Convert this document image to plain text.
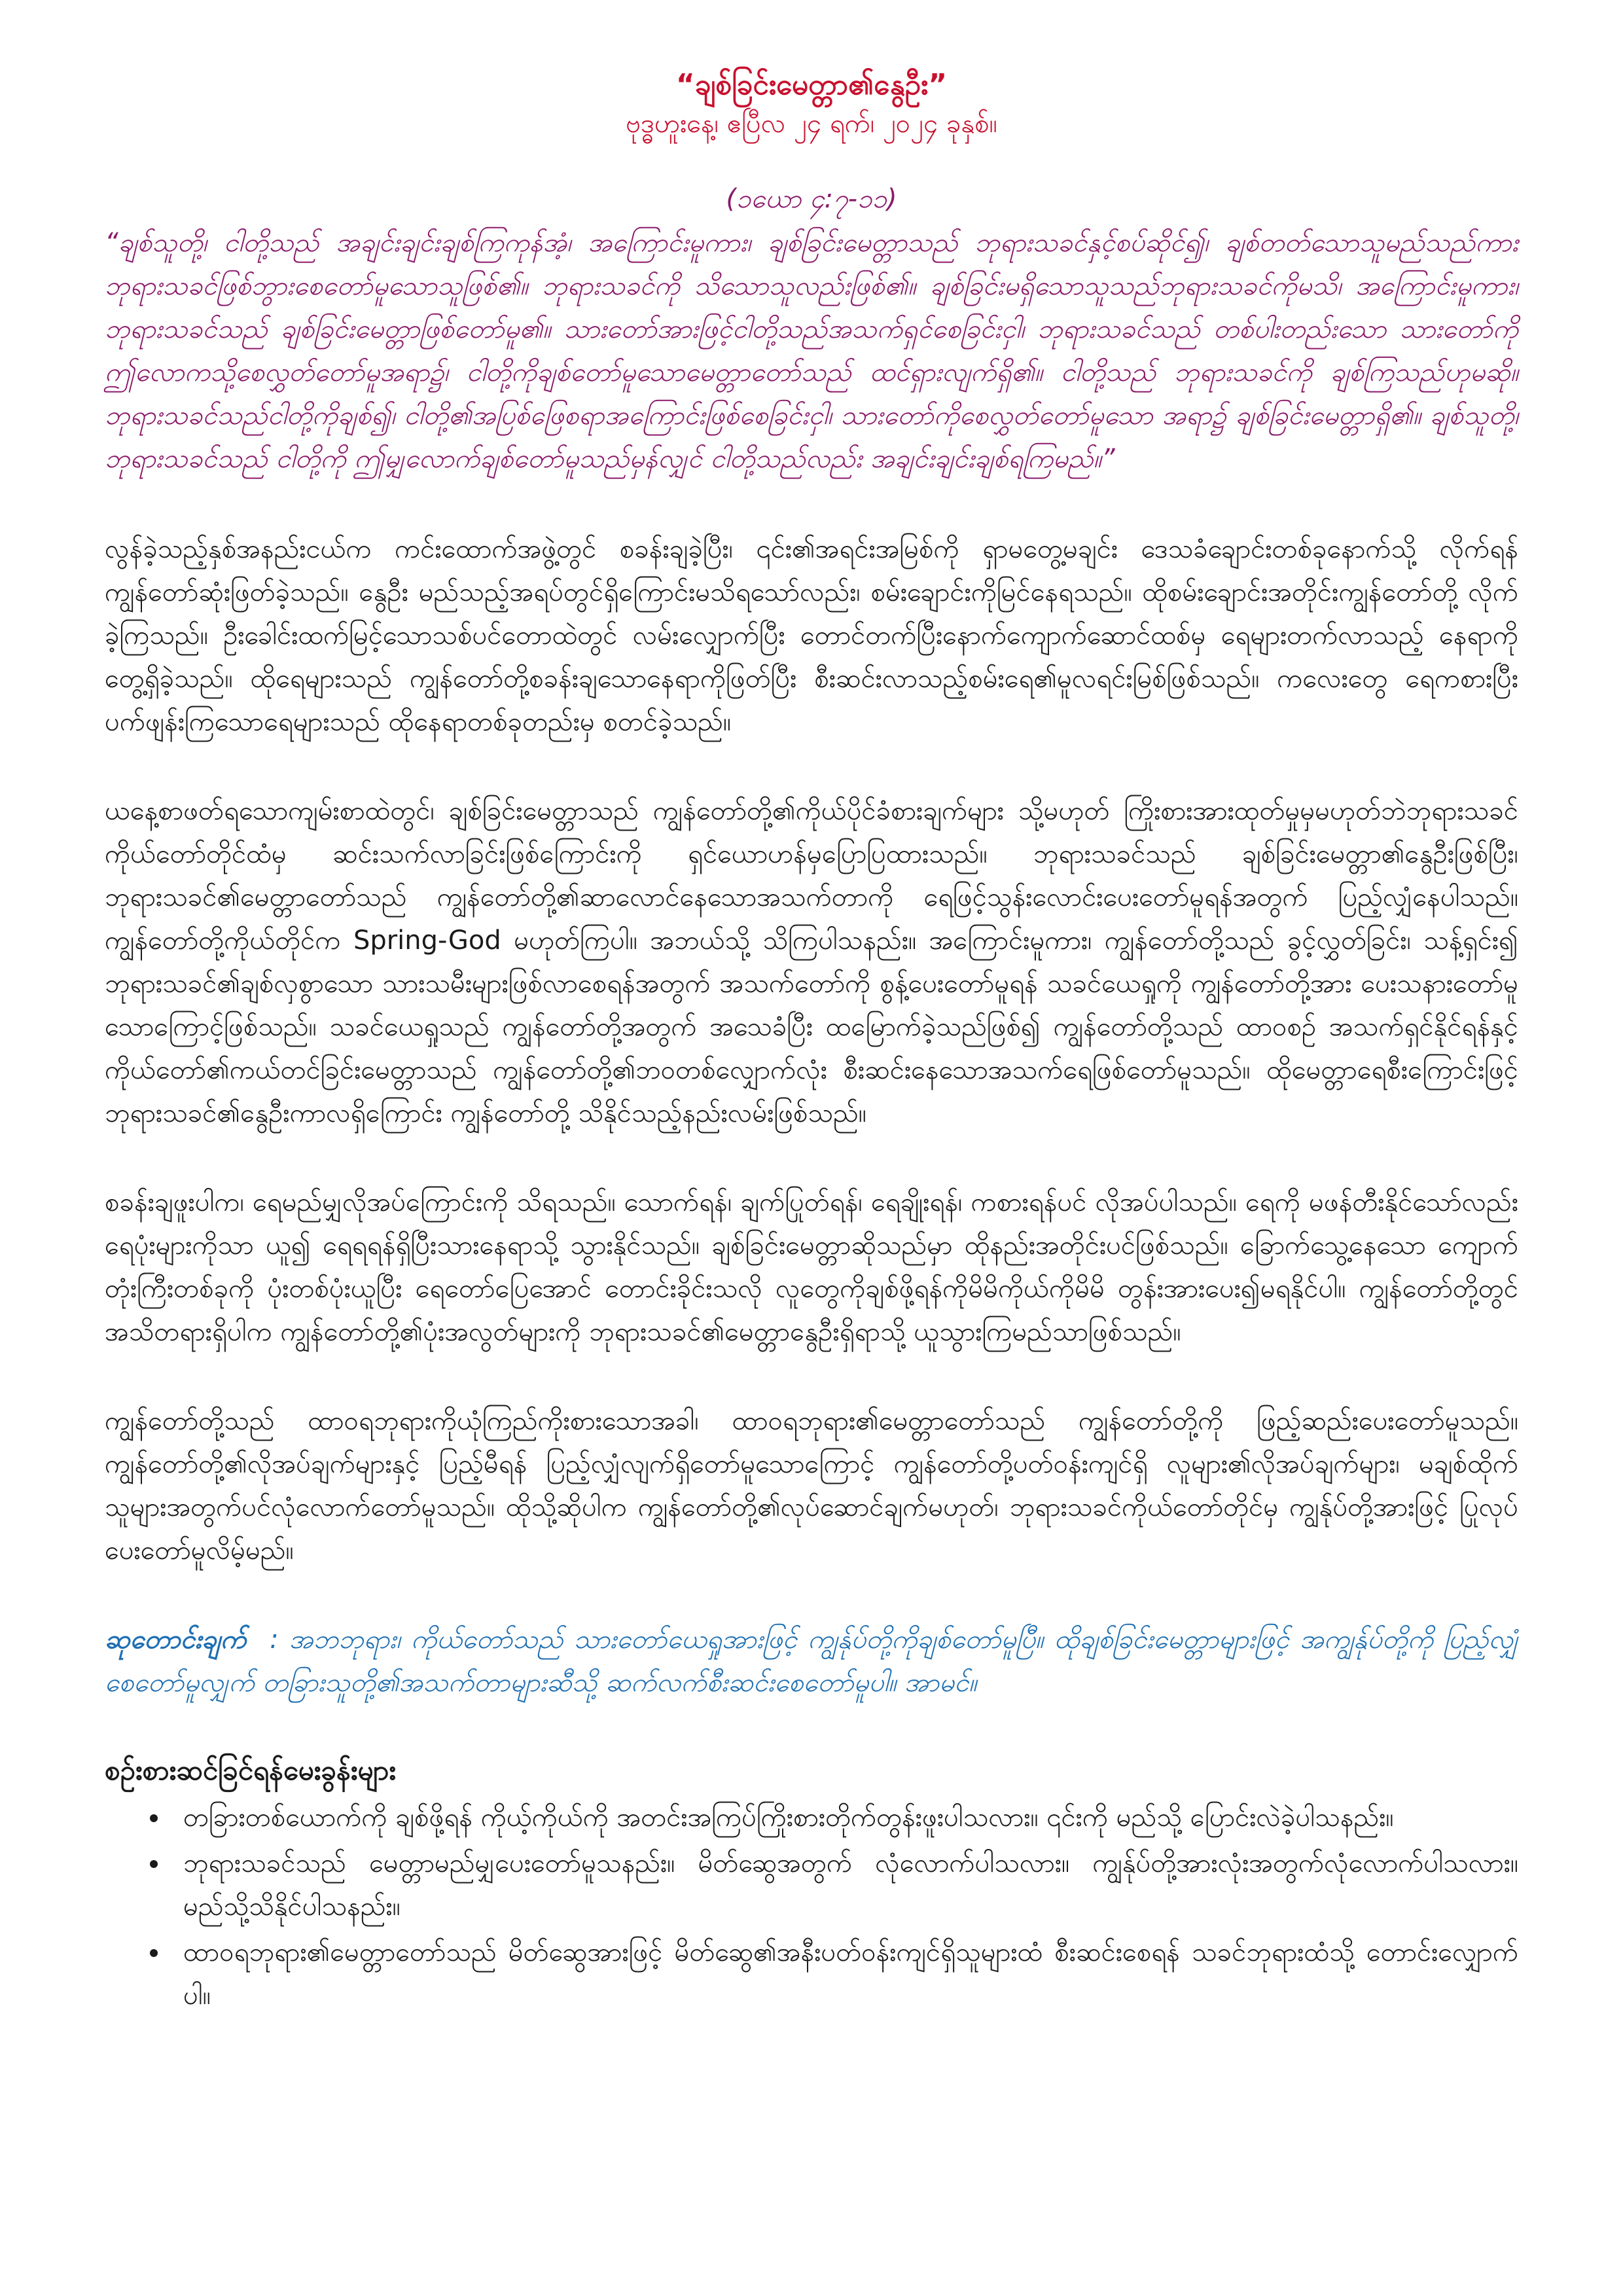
“ချစ်ခြင်းမေတ္တာ၏နွေဦး”

ဗုဒ္ဓဟူးနေ့၊ ဧပြီလ ၂၄ ရက်၊ ၂၀၂၄ ခုနှစ်။

(၁ယော ၄:၇-၁၁)

“ချစ်သူတို့၊ ငါတို့သည် အချင်းချင်းချစ်ကြကုန်အံ့၊ အကြောင်းမူကား၊ ချစ်ခြင်းမေတ္တာသည် ဘုရားသခင်နှင့်စပ်ဆိုင်၍၊ ချစ်တတ်သောသူမည်သည်ကား ဘုရားသခင်ဖြစ်ဘွားစေတော်မူသောသူဖြစ်၏။ ဘုရားသခင်ကို သိသောသူလည်းဖြစ်၏။ ချစ်ခြင်းမရှိသောသူသည်ဘုရားသခင်ကိုမသိ၊ အကြောင်းမူကား၊ ဘုရားသခင်သည် ချစ်ခြင်းမေတ္တာဖြစ်တော်မူ၏။ သားတော်အားဖြင့်ငါတို့သည်အသက်ရှင်စေခြင်းငှါ၊ ဘုရားသခင်သည် တစ်ပါးတည်းသော သားတော်ကို ဤလောကသို့စေလွှတ်တော်မူအရာ၌၊ ငါတို့ကိုချစ်တော်မူသောမေတ္တာတော်သည် ထင်ရှားလျက်ရှိ၏။ ငါတို့သည် ဘုရားသခင်ကို ချစ်ကြသည်ဟုမဆို။ ဘုရားသခင်သည်ငါတို့ကိုချစ်၍၊ ငါတို့၏အပြစ်ဖြေစရာအကြောင်းဖြစ်စေခြင်းငှါ၊ သားတော်ကိုစေလွှတ်တော်မူသော အရာ၌ ချစ်ခြင်းမေတ္တာရှိ၏။ ချစ်သူတို့၊ ဘုရားသခင်သည် ငါတို့ကို ဤမျှလောက်ချစ်တော်မူသည်မှန်လျှင် ငါတို့သည်လည်း အချင်းချင်းချစ်ရကြမည်။”

လွန်ခဲ့သည့်နှစ်အနည်းငယ်က ကင်းထောက်အဖွဲ့တွင် စခန်းချခဲ့ပြီး၊ ၎င်း၏အရင်းအမြစ်ကို ရှာမတွေ့မချင်း ဒေသခံချောင်းတစ်ခုနောက်သို့ လိုက်ရန် ကျွန်တော်ဆုံးဖြတ်ခဲ့သည်။ နွေဦး မည်သည့်အရပ်တွင်ရှိကြောင်းမသိရသော်လည်း၊ စမ်းချောင်းကိုမြင်နေရသည်။ ထိုစမ်းချောင်းအတိုင်းကျွန်တော်တို့ လိုက်ခဲ့ကြသည်။ ဦးခေါင်းထက်မြင့်သောသစ်ပင်တောထဲတွင် လမ်းလျှောက်ပြီး တောင်တက်ပြီးနောက်ကျောက်ဆောင်ထစ်မှ ရေများတက်လာသည့် နေရာကိုတွေ့ရှိခဲ့သည်။ ထိုရေများသည် ကျွန်တော်တို့စခန်းချသောနေရာကိုဖြတ်ပြီး စီးဆင်းလာသည့်စမ်းရေ၏မူလရင်းမြစ်ဖြစ်သည်။ ကလေးတွေ ရေကစားပြီး ပက်ဖျန်းကြသောရေများသည် ထိုနေရာတစ်ခုတည်းမှ စတင်ခဲ့သည်။

ယနေ့စာဖတ်ရသောကျမ်းစာထဲတွင်၊ ချစ်ခြင်းမေတ္တာသည် ကျွန်တော်တို့၏ကိုယ်ပိုင်ခံစားချက်များ သို့မဟုတ် ကြိုးစားအားထုတ်မှုမှမဟုတ်ဘဲဘုရားသခင်ကိုယ်တော်တိုင်ထံမှ ဆင်းသက်လာခြင်းဖြစ်ကြောင်းကို ရှင်ယောဟန်မှပြောပြထားသည်။ ဘုရားသခင်သည် ချစ်ခြင်းမေတ္တာ၏နွေဦးဖြစ်ပြီး၊ ဘုရားသခင်၏မေတ္တာတော်သည် ကျွန်တော်တို့၏ဆာလောင်နေသောအသက်တာကို ရေဖြင့်သွန်းလောင်းပေးတော်မူရန်အတွက် ပြည့်လျှံနေပါသည်။ ကျွန်တော်တို့ကိုယ်တိုင်က Spring-God မဟုတ်ကြပါ။ အဘယ်သို့ သိကြပါသနည်း။ အကြောင်းမူကား၊ ကျွန်တော်တို့သည် ခွင့်လွှတ်ခြင်း၊ သန့်ရှင်း၍ ဘုရားသခင်၏ချစ်လှစွာသော သားသမီးများဖြစ်လာစေရန်အတွက် အသက်တော်ကို စွန့်ပေးတော်မူရန် သခင်ယေရှုကို ကျွန်တော်တို့အား ပေးသနားတော်မူသောကြောင့်ဖြစ်သည်။ သခင်ယေရှုသည် ကျွန်တော်တို့အတွက် အသေခံပြီး ထမြောက်ခဲ့သည်ဖြစ်၍ ကျွန်တော်တို့သည် ထာဝစဉ် အသက်ရှင်နိုင်ရန်နှင့် ကိုယ်တော်၏ကယ်တင်ခြင်းမေတ္တာသည် ကျွန်တော်တို့၏ဘဝတစ်လျှောက်လုံး စီးဆင်းနေသောအသက်ရေဖြစ်တော်မူသည်။ ထိုမေတ္တာရေစီးကြောင်းဖြင့် ဘုရားသခင်၏နွေဦးကာလရှိကြောင်း ကျွန်တော်တို့ သိနိုင်သည့်နည်းလမ်းဖြစ်သည်။

စခန်းချဖူးပါက၊ ရေမည်မျှလိုအပ်ကြောင်းကို သိရသည်။ သောက်ရန်၊ ချက်ပြုတ်ရန်၊ ရေချိုးရန်၊ ကစားရန်ပင် လိုအပ်ပါသည်။ ရေကို မဖန်တီးနိုင်သော်လည်း ရေပုံးများကိုသာ ယူ၍ ရေရရန်ရှိပြီးသားနေရာသို့ သွားနိုင်သည်။ ချစ်ခြင်းမေတ္တာဆိုသည်မှာ ထိုနည်းအတိုင်းပင်ဖြစ်သည်။ ခြောက်သွေ့နေသော ကျောက်တုံးကြီးတစ်ခုကို ပုံးတစ်ပုံးယူပြီး ရေတော်ပြေအောင် တောင်းခိုင်းသလို လူတွေကိုချစ်ဖို့ရန်ကိုမိမိကိုယ်ကိုမိမိ တွန်းအားပေး၍မရနိုင်ပါ။ ကျွန်တော်တို့တွင် အသိတရားရှိပါက ကျွန်တော်တို့၏ပုံးအလွတ်များကို ဘုရားသခင်၏မေတ္တာနွေဦးရှိရာသို့ ယူသွားကြမည်သာဖြစ်သည်။

ကျွန်တော်တို့သည် ထာဝရဘုရားကိုယုံကြည်ကိုးစားသောအခါ၊ ထာဝရဘုရား၏မေတ္တာတော်သည် ကျွန်တော်တို့ကို ဖြည့်ဆည်းပေးတော်မူသည်။ ကျွန်တော်တို့၏လိုအပ်ချက်များနှင့် ပြည့်မီရန် ပြည့်လျှံလျက်ရှိတော်မူသောကြောင့် ကျွန်တော်တို့ပတ်ဝန်းကျင်ရှိ လူများ၏လိုအပ်ချက်များ၊ မချစ်ထိုက် သူများအတွက်ပင်လုံလောက်တော်မူသည်။ ထိုသို့ဆိုပါက ကျွန်တော်တို့၏လုပ်ဆောင်ချက်မဟုတ်၊ ဘုရားသခင်ကိုယ်တော်တိုင်မှ ကျွန်ုပ်တို့အားဖြင့် ပြုလုပ်ပေးတော်မူလိမ့်မည်။

ဆုတောင်းချက် : အဘဘုရား၊ ကိုယ်တော်သည် သားတော်ယေရှုအားဖြင့် ကျွန်ုပ်တို့ကိုချစ်တော်မူပြီ။ ထိုချစ်ခြင်းမေတ္တာများဖြင့် အကျွန်ုပ်တို့ကို ပြည့်လျှံစေတော်မူလျှက် တခြားသူတို့၏အသက်တာများဆီသို့ ဆက်လက်စီးဆင်းစေတော်မူပါ။ အာမင်။

စဉ်းစားဆင်ခြင်ရန်မေးခွန်းများ

• တခြားတစ်ယောက်ကို ချစ်ဖို့ရန် ကိုယ့်ကိုယ်ကို အတင်းအကြပ်ကြိုးစားတိုက်တွန်းဖူးပါသလား။ ၎င်းကို မည်သို့ ပြောင်းလဲခဲ့ပါသနည်း။
• ဘုရားသခင်သည် မေတ္တာမည်မျှပေးတော်မူသနည်း။ မိတ်ဆွေအတွက် လုံလောက်ပါသလား။ ကျွန်ုပ်တို့အားလုံးအတွက်လုံလောက်ပါသလား။ မည်သို့သိနိုင်ပါသနည်း။
• ထာဝရဘုရား၏မေတ္တာတော်သည် မိတ်ဆွေအားဖြင့် မိတ်ဆွေ၏အနီးပတ်ဝန်းကျင်ရှိသူများထံ စီးဆင်းစေရန် သခင်ဘုရားထံသို့ တောင်းလျှောက်ပါ။
